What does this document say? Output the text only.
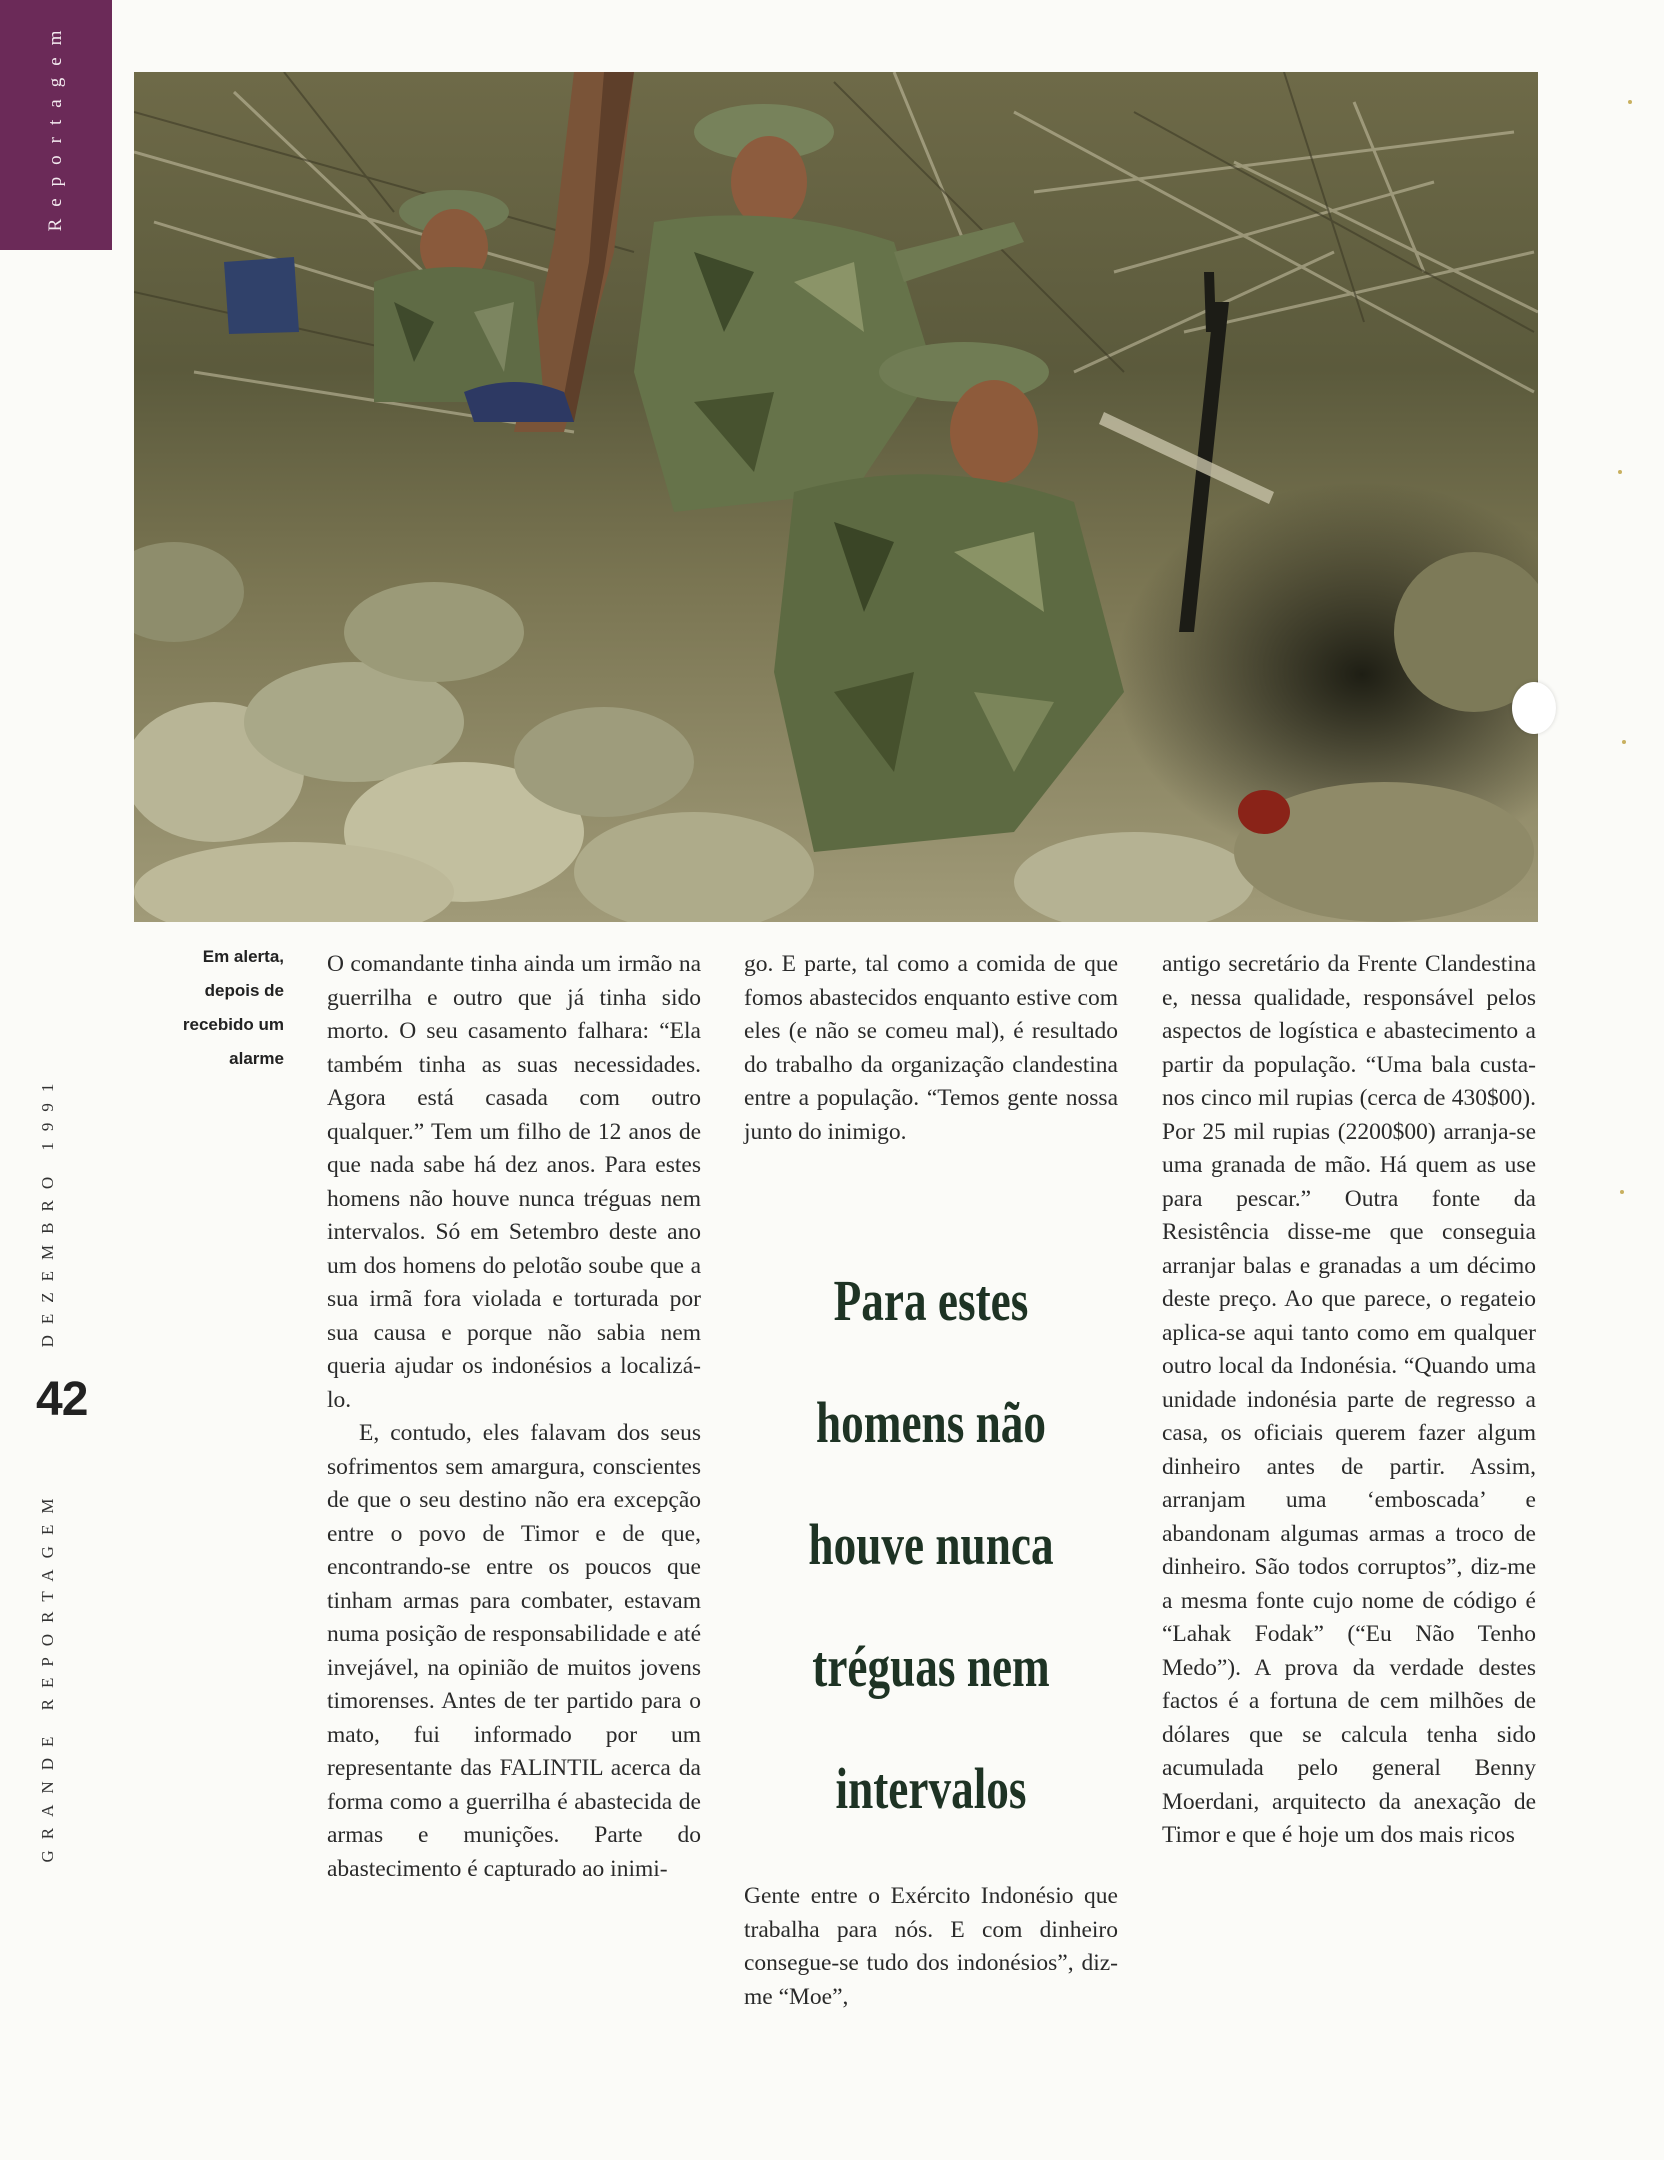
Reportagem
Em alerta,
depois de
recebido um
alarme
DEZEMBRO 1991
42
GRANDE REPORTAGEM

O comandante tinha ainda um irmão na guerrilha e outro que já tinha sido morto. O seu casamento falhara: “Ela também tinha as suas necessidades. Agora está casada com outro qualquer.” Tem um filho de 12 anos de que nada sabe há dez anos. Para estes homens não houve nunca tréguas nem intervalos. Só em Setembro deste ano um dos homens do pelotão soube que a sua irmã fora violada e torturada por sua causa e porque não sabia nem queria ajudar os indonésios a localizá-lo.

E, contudo, eles falavam dos seus sofrimentos sem amargura, conscientes de que o seu destino não era excepção entre o povo de Timor e de que, encontrando-se entre os poucos que tinham armas para combater, estavam numa posição de responsabilidade e até invejável, na opinião de muitos jovens timorenses. Antes de ter partido para o mato, fui informado por um representante das FALINTIL acerca da forma como a guerrilha é abastecida de armas e munições. Parte do abastecimento é capturado ao inimi-

go. E parte, tal como a comida de que fomos abastecidos enquanto estive com eles (e não se comeu mal), é resultado do trabalho da organização clandestina entre a população. “Temos gente nossa junto do inimigo.

Para estes
homens não
houve nunca
tréguas nem
intervalos

Gente entre o Exército Indonésio que trabalha para nós. E com dinheiro consegue-se tudo dos indonésios”, diz-me “Moe”,

antigo secretário da Frente Clandestina e, nessa qualidade, responsável pelos aspectos de logística e abastecimento a partir da população. “Uma bala custa-nos cinco mil rupias (cerca de 430$00). Por 25 mil rupias (2200$00) arranja-se uma granada de mão. Há quem as use para pescar.” Outra fonte da Resistência disse-me que conseguia arranjar balas e granadas a um décimo deste preço. Ao que parece, o regateio aplica-se aqui tanto como em qualquer outro local da Indonésia. “Quando uma unidade indonésia parte de regresso a casa, os oficiais querem fazer algum dinheiro antes de partir. Assim, arranjam uma ‘emboscada’ e abandonam algumas armas a troco de dinheiro. São todos corruptos”, diz-me a mesma fonte cujo nome de código é “Lahak Fodak” (“Eu Não Tenho Medo”). A prova da verdade destes factos é a fortuna de cem milhões de dólares que se calcula tenha sido acumulada pelo general Benny Moerdani, arquitecto da anexação de Timor e que é hoje um dos mais ricos
